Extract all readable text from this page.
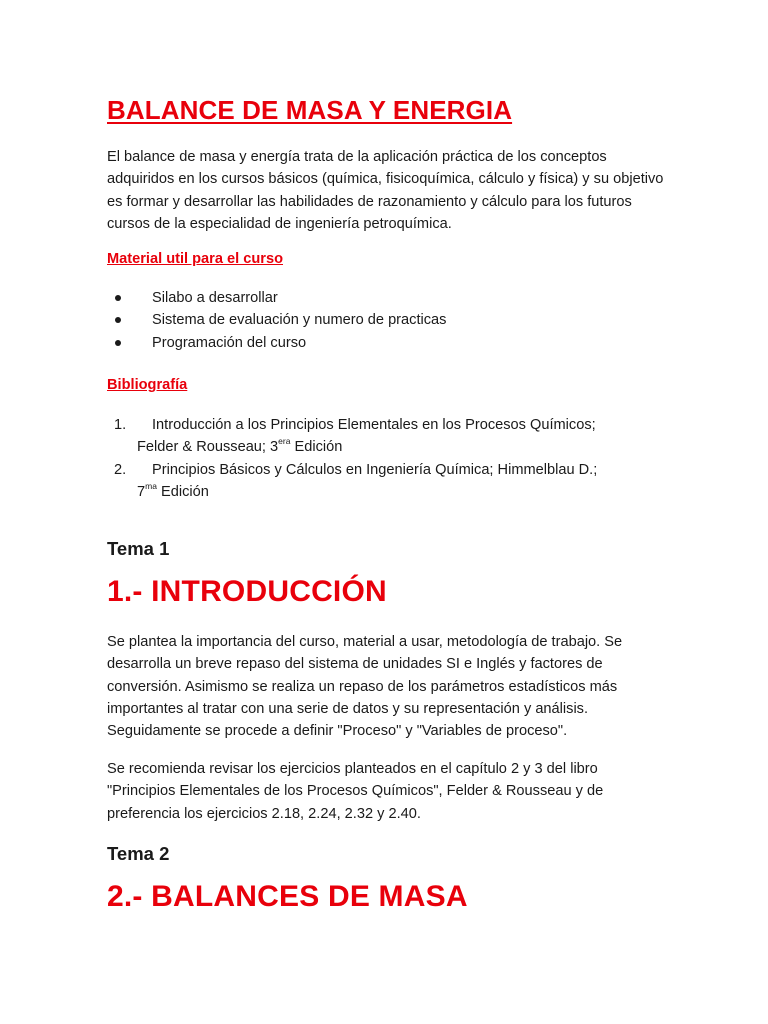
BALANCE DE MASA Y ENERGIA

El balance de masa y energía trata de la aplicación práctica de los conceptos adquiridos en los cursos básicos (química, fisicoquímica, cálculo y física) y su objetivo es formar y desarrollar las habilidades de razonamiento y cálculo para los futuros cursos de la especialidad de ingeniería petroquímica.

Material util para el curso

Silabo a desarrollar
Sistema de evaluación y numero de practicas
Programación del curso

Bibliografía

1.	Introducción a los Principios Elementales en los Procesos Químicos;
Felder & Rousseau; $3^{era}$ Edición
2.	Principios Básicos y Cálculos en Ingeniería Química; Himmelblau D.;
$7^{ma}$ Edición
Tema 1
1.- INTRODUCCIÓN

Se plantea la importancia del curso, material a usar, metodología de trabajo. Se desarrolla un breve repaso del sistema de unidades SI e Inglés y factores de conversión. Asimismo se realiza un repaso de los parámetros estadísticos más importantes al tratar con una serie de datos y su representación y análisis. Seguidamente se procede a definir "Proceso" y "Variables de proceso".

Se recomienda revisar los ejercicios planteados en el capítulo 2 y 3 del libro "Principios Elementales de los Procesos Químicos", Felder & Rousseau y de preferencia los ejercicios 2.18, 2.24, 2.32 y 2.40.

Tema 2
2.- BALANCES DE MASA
